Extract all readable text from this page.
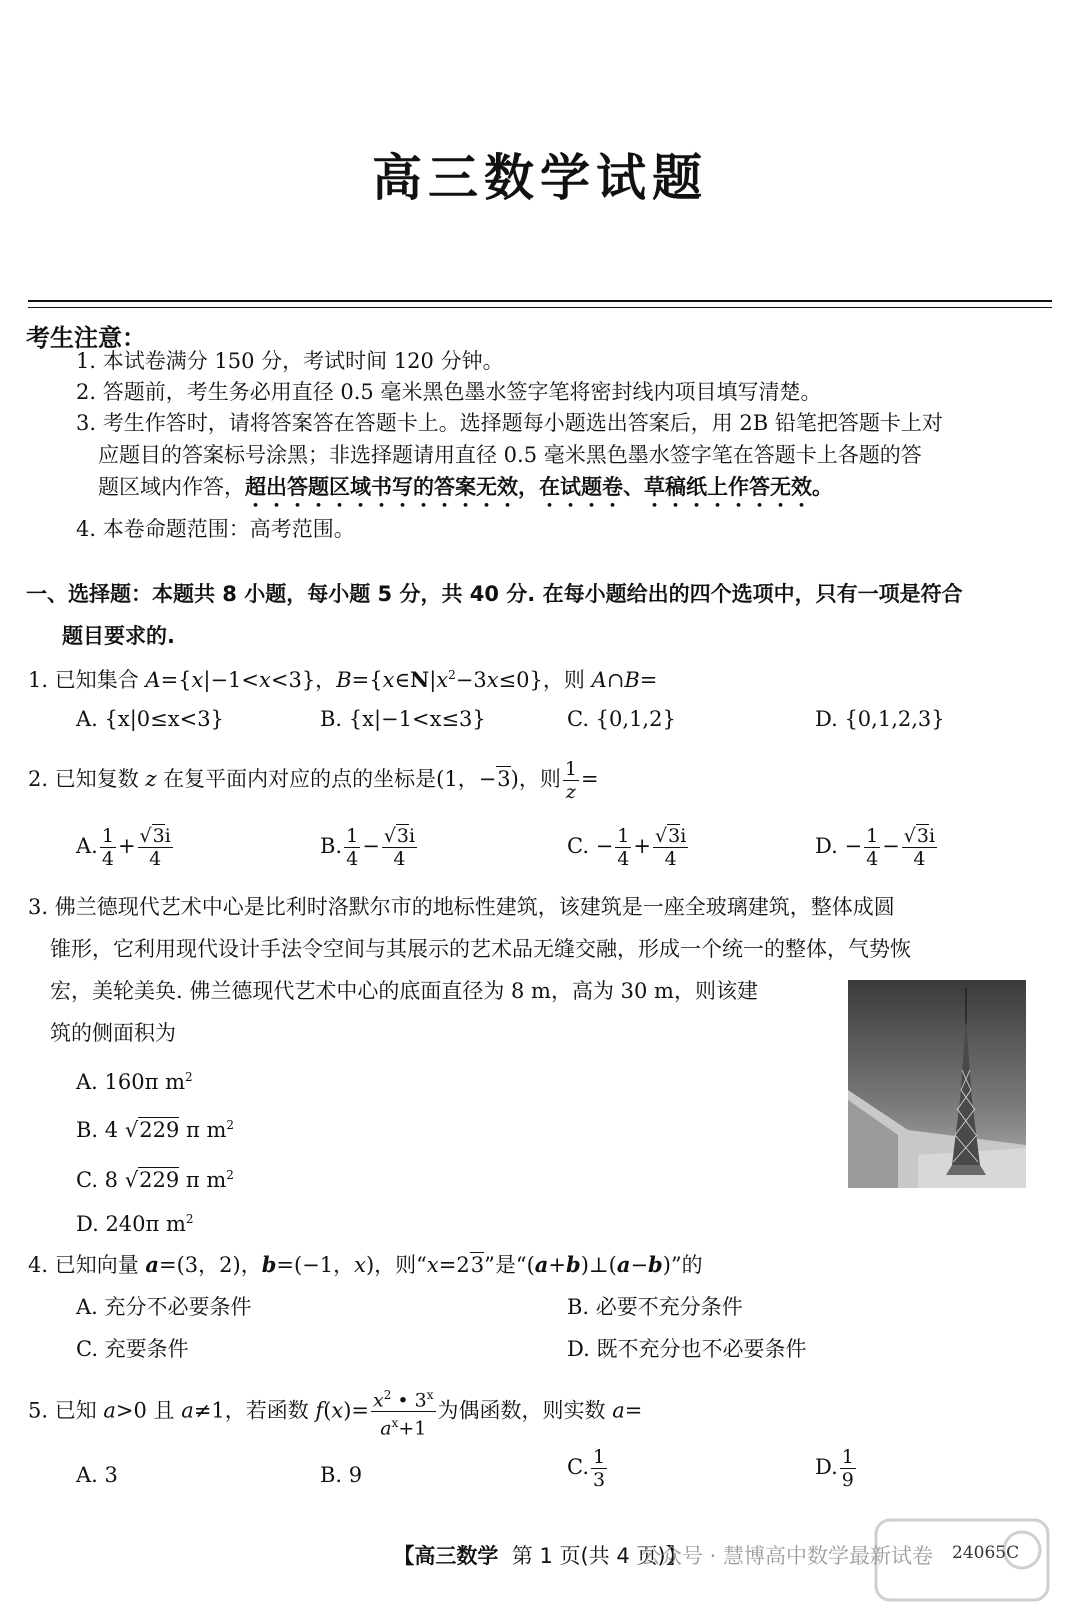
高三数学试题
考生注意：
1. 本试卷满分 150 分，考试时间 120 分钟。
2. 答题前，考生务必用直径 0.5 毫米黑色墨水签字笔将密封线内项目填写清楚。
3. 考生作答时，请将答案答在答题卡上。选择题每小题选出答案后，用 2B 铅笔把答题卡上对
应题目的答案标号涂黑；非选择题请用直径 0.5 毫米黑色墨水签字笔在答题卡上各题的答
题区域内作答，超出答题区域书写的答案无效，在试题卷、草稿纸上作答无效。
4. 本卷命题范围：高考范围。
一、选择题：本题共 8 小题，每小题 5 分，共 40 分. 在每小题给出的四个选项中，只有一项是符合
题目要求的.
1. 已知集合 A={x|−1<x<3}，$B=\{x\in N|x^2-3x\le 0\}$，则 A∩B=
A. {x|0≤x<3}	B. {x|−1<x≤3}	C. {0,1,2}	D. {0,1,2,3}
2. 已知复数 z 在复平面内对应的点的坐标是(1，−3)，则 $\frac{1}{z}$ =
A. $\frac{1}{4} + \frac{√3i}{4}$	B. $\frac{1}{4} - \frac{√3i}{4}$	C. − $\frac{1}{4} + \frac{√3i}{4}$	D. − $\frac{1}{4} - \frac{√3i}{4}$
3. 佛兰德现代艺术中心是比利时洛默尔市的地标性建筑，该建筑是一座全玻璃建筑，整体成圆
锥形，它利用现代设计手法令空间与其展示的艺术品无缝交融，形成一个统一的整体，气势恢
宏，美轮美奂. 佛兰德现代艺术中心的底面直径为 8 m，高为 30 m，则该建
筑的侧面积为
A. 160π $m^2$
B. 4 √229 π $m^2$
C. 8 √229 π $m^2$
D. 240π $m^2$
4. 已知向量 a=(3，2)，b=(−1，x)，则“x=23”是“(a+b)⊥(a−b)”的
A. 充分不必要条件	B. 必要不充分条件
C. 充要条件	D. 既不充分也不必要条件
5. 已知 a>0 且 a≠1，若函数 $f(x)= \frac{x^2 • 3^x}{a^x+1}$ 为偶函数，则实数 a=
A. 3	B. 9	C. $\frac{1}{3}$	D. $\frac{1}{9}$
【高三数学 第 1 页(共 4 页)】
公众号 · 慧博高中数学最新试卷 24065C
